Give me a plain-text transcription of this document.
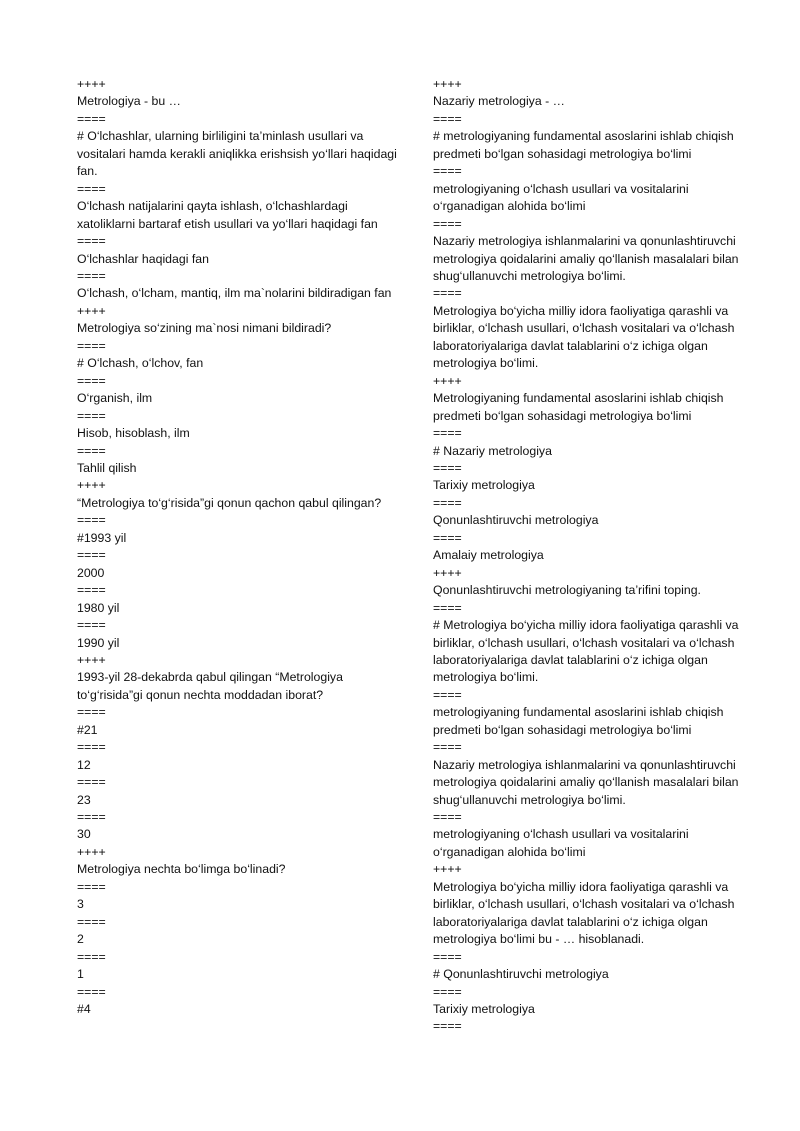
++++
Metrologiya - bu …
====
# O‘lchashlar, ularning birliligini ta’minlash usullari va vositalari hamda kerakli aniqlikka erishsish yo‘llari haqidagi fan.
====
O‘lchash natijalarini qayta ishlash, o‘lchashlardagi xatoliklarni bartaraf etish usullari va yo‘llari haqidagi fan
====
O‘lchashlar haqidagi fan
====
O‘lchash, o‘lcham, mantiq, ilm ma`nolarini bildiradigan fan
++++
Metrologiya so‘zining ma`nosi nimani bildiradi?
====
# O‘lchash, o‘lchov, fan
====
O‘rganish, ilm
====
Hisob, hisoblash, ilm
====
Tahlil qilish
++++
“Metrologiya to‘g‘risida”gi qonun qachon qabul qilingan?
====
#1993 yil
====
2000
====
1980 yil
====
1990 yil
++++
1993-yil 28-dekabrda qabul qilingan “Metrologiya to‘g‘risida”gi qonun nechta moddadan iborat?
====
#21
====
12
====
23
====
30
++++
Metrologiya nechta bo‘limga bo‘linadi?
====
3
====
2
====
1
====
#4
++++
Nazariy metrologiya - …
====
# metrologiyaning fundamental asoslarini ishlab chiqish predmeti bo‘lgan sohasidagi metrologiya bo‘limi
====
metrologiyaning o‘lchash usullari va vositalarini o‘rganadigan alohida bo‘limi
====
Nazariy metrologiya ishlanmalarini va qonunlashtiruvchi metrologiya qoidalarini amaliy qo‘llanish masalalari bilan shug‘ullanuvchi metrologiya bo‘limi.
====
Metrologiya bo‘yicha milliy idora faoliyatiga qarashli va birliklar, o‘lchash usullari, o‘lchash vositalari va o‘lchash laboratoriyalariga davlat talablarini o‘z ichiga olgan metrologiya bo‘limi.
++++
Metrologiyaning fundamental asoslarini ishlab chiqish predmeti bo‘lgan sohasidagi metrologiya bo‘limi
====
# Nazariy metrologiya
====
Tarixiy metrologiya
====
Qonunlashtiruvchi metrologiya
====
Amalaiy metrologiya
++++
Qonunlashtiruvchi metrologiyaning ta’rifini toping.
====
# Metrologiya bo‘yicha milliy idora faoliyatiga qarashli va birliklar, o‘lchash usullari, o‘lchash vositalari va o‘lchash laboratoriyalariga davlat talablarini o‘z ichiga olgan metrologiya bo‘limi.
====
metrologiyaning fundamental asoslarini ishlab chiqish predmeti bo‘lgan sohasidagi metrologiya bo‘limi
====
Nazariy metrologiya ishlanmalarini va qonunlashtiruvchi metrologiya qoidalarini amaliy qo‘llanish masalalari bilan shug‘ullanuvchi metrologiya bo‘limi.
====
metrologiyaning o‘lchash usullari va vositalarini o‘rganadigan alohida bo‘limi
++++
Metrologiya bo‘yicha milliy idora faoliyatiga qarashli va birliklar, o‘lchash usullari, o‘lchash vositalari va o‘lchash laboratoriyalariga davlat talablarini o‘z ichiga olgan metrologiya bo‘limi bu - … hisoblanadi.
====
# Qonunlashtiruvchi metrologiya
====
Tarixiy metrologiya
====
